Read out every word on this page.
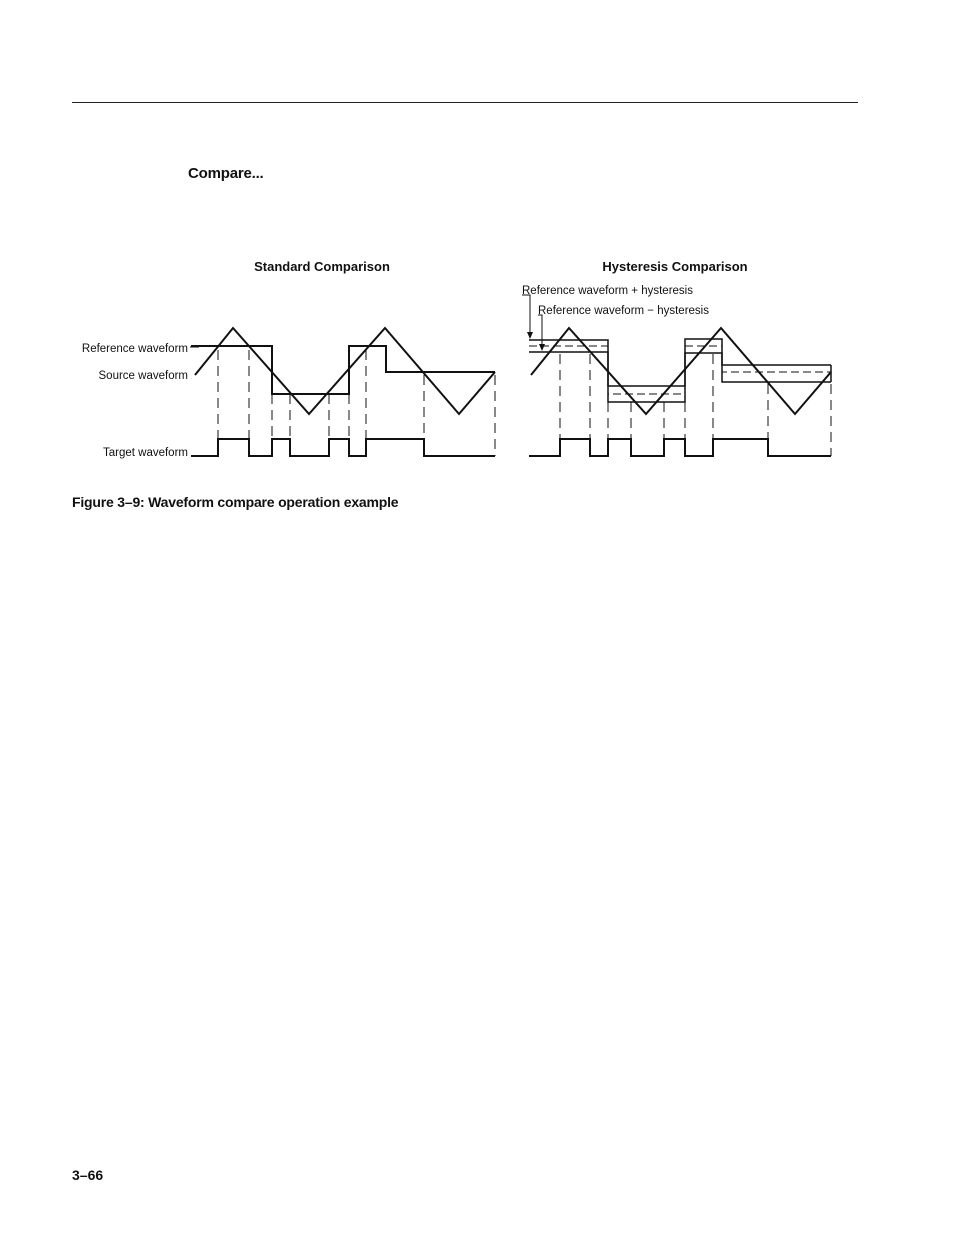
Compare...
Standard Comparison	Hysteresis Comparison
Reference waveform
Source waveform
Target waveform
Reference waveform + hysteresis
Reference waveform − hysteresis
Figure 3–9: Waveform compare operation example
3–66
